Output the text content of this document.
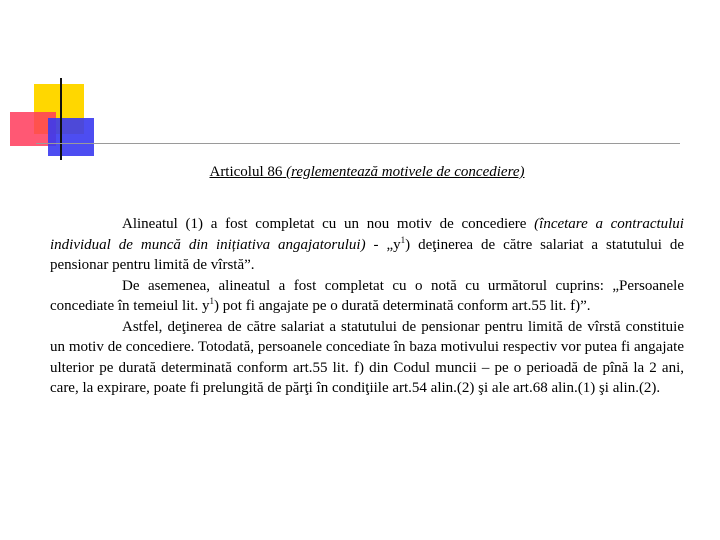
Articolul 86 (reglementează motivele de concediere)

Alineatul (1) a fost completat cu un nou motiv de concediere (încetare a contractului individual de muncă din inițiativa angajatorului) - $„y^1$) deţinerea de către salariat a statutului de pensionar pentru limită de vîrstă”.

De asemenea, alineatul a fost completat cu o notă cu următorul cuprins: „Persoanele concediate în temeiul lit. $y^1$) pot fi angajate pe o durată determinată conform art.55 lit. f)”.

Astfel, deţinerea de către salariat a statutului de pensionar pentru limită de vîrstă constituie un motiv de concediere. Totodată, persoanele concediate în baza motivului respectiv vor putea fi angajate ulterior pe durată determinată conform art.55 lit. f) din Codul muncii – pe o perioadă de pînă la 2 ani, care, la expirare, poate fi prelungită de părţi în condiţiile art.54 alin.(2) şi ale art.68 alin.(1) şi alin.(2).
